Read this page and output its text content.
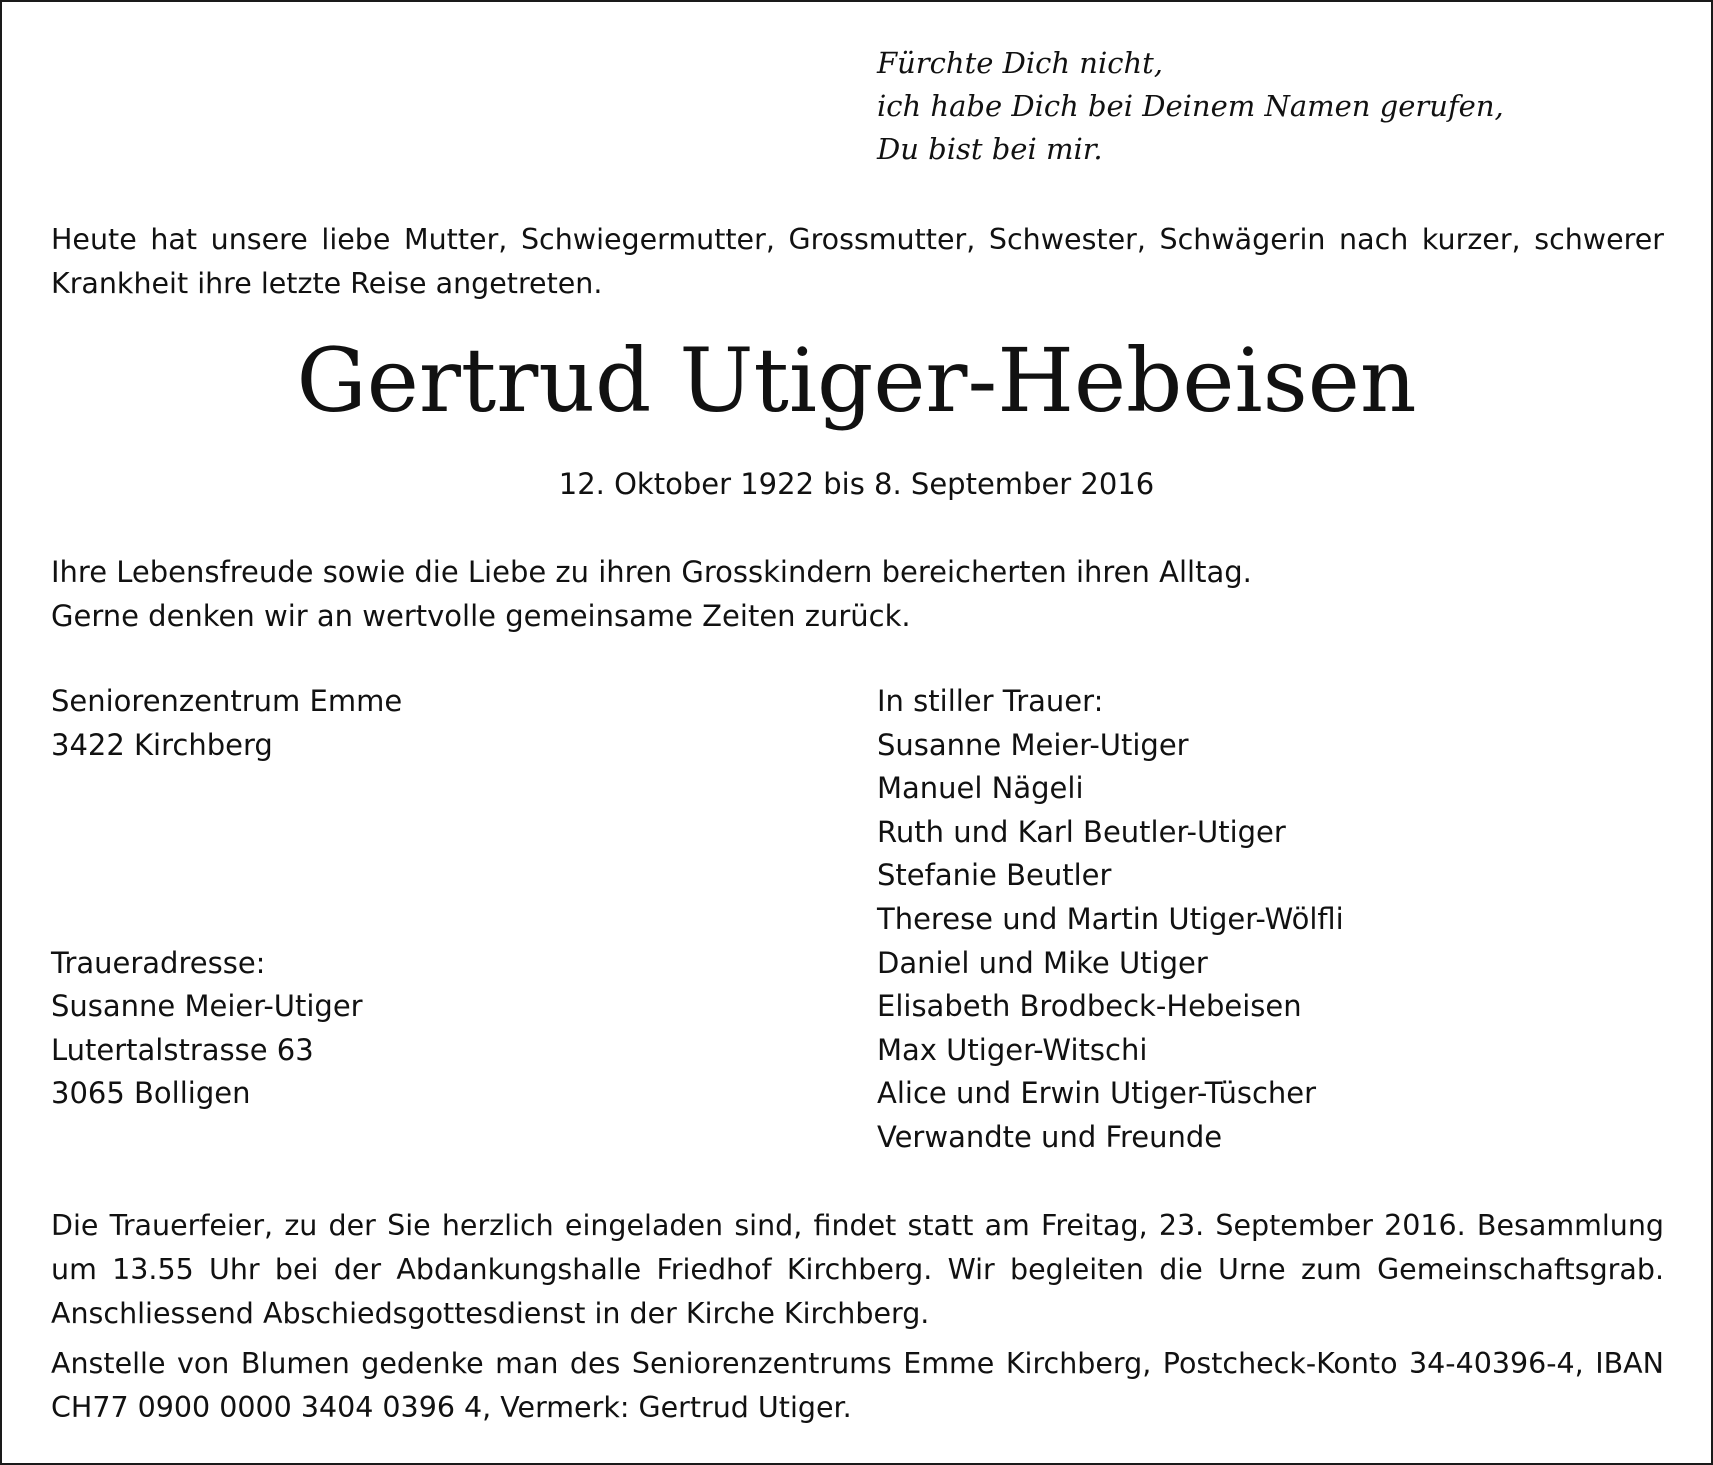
Fürchte Dich nicht,
ich habe Dich bei Deinem Namen gerufen,
Du bist bei mir.
Heute hat unsere liebe Mutter, Schwiegermutter, Grossmutter, Schwester, Schwägerin nach kurzer, schwerer Krankheit ihre letzte Reise angetreten.
Gertrud Utiger-Hebeisen
12. Oktober 1922 bis 8. September 2016
Ihre Lebensfreude sowie die Liebe zu ihren Grosskindern bereicherten ihren Alltag.
Gerne denken wir an wertvolle gemeinsame Zeiten zurück.
Seniorenzentrum Emme
3422 Kirchberg
Traueradresse:
Susanne Meier-Utiger
Lutertalstrasse 63
3065 Bolligen
In stiller Trauer:
Susanne Meier-Utiger
Manuel Nägeli
Ruth und Karl Beutler-Utiger
Stefanie Beutler
Therese und Martin Utiger-Wölfli
Daniel und Mike Utiger
Elisabeth Brodbeck-Hebeisen
Max Utiger-Witschi
Alice und Erwin Utiger-Tüscher
Verwandte und Freunde
Die Trauerfeier, zu der Sie herzlich eingeladen sind, findet statt am Freitag, 23. September 2016. Besammlung um 13.55 Uhr bei der Abdankungshalle Friedhof Kirchberg. Wir begleiten die Urne zum Gemeinschaftsgrab. Anschliessend Abschiedsgottesdienst in der Kirche Kirchberg.
Anstelle von Blumen gedenke man des Seniorenzentrums Emme Kirchberg, Postcheck-Konto 34-40396-4, IBAN CH77 0900 0000 3404 0396 4, Vermerk: Gertrud Utiger.
